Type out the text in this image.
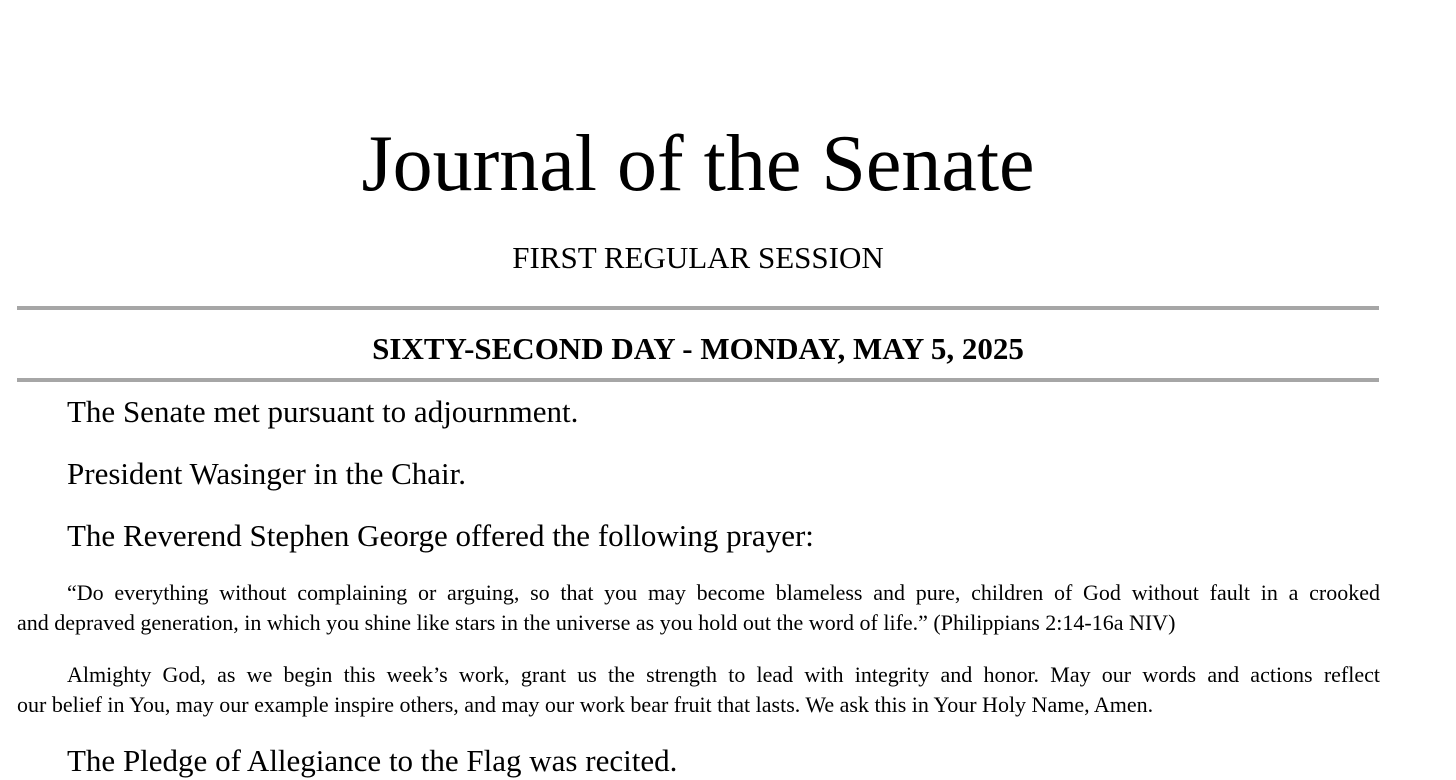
Journal of the Senate
FIRST REGULAR SESSION
SIXTY-SECOND DAY - MONDAY, MAY 5, 2025

The Senate met pursuant to adjournment.

President Wasinger in the Chair.

The Reverend Stephen George offered the following prayer:

“Do everything without complaining or arguing, so that you may become blameless and pure, children of God without fault in a crooked
and depraved generation, in which you shine like stars in the universe as you hold out the word of life.” (Philippians 2:14-16a NIV)
Almighty God, as we begin this week’s work, grant us the strength to lead with integrity and honor. May our words and actions reflect
our belief in You, may our example inspire others, and may our work bear fruit that lasts. We ask this in Your Holy Name, Amen.

The Pledge of Allegiance to the Flag was recited.
